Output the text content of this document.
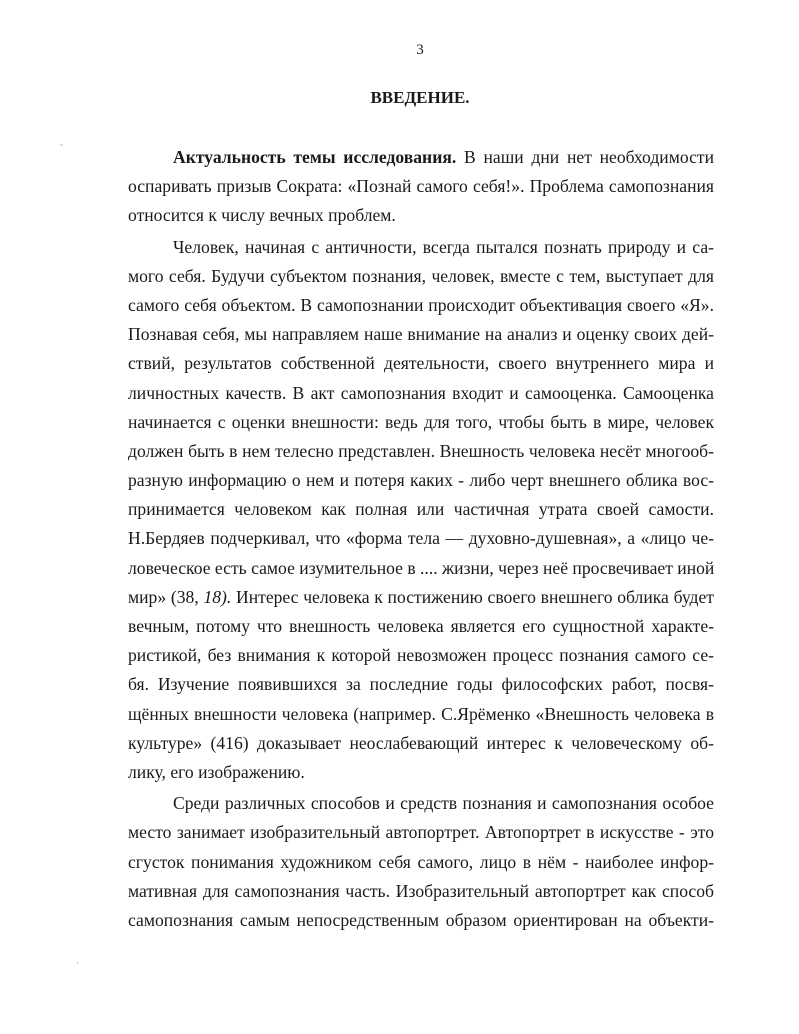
3
ВВЕДЕНИЕ.
˜
·
Актуальность темы исследования. В наши дни нет необходимости
оспаривать призыв Сократа: «Познай самого себя!». Проблема самопознания
относится к числу вечных проблем.
Человек, начиная с античности, всегда пытался познать природу и са-
мого себя. Будучи субъектом познания, человек, вместе с тем, выступает для
самого себя объектом. В самопознании происходит объективация своего «Я».
Познавая себя, мы направляем наше внимание на анализ и оценку своих дей-
ствий, результатов собственной деятельности, своего внутреннего мира и
личностных качеств. В акт самопознания входит и самооценка. Самооценка
начинается с оценки внешности: ведь для того, чтобы быть в мире, человек
должен быть в нем телесно представлен. Внешность человека несёт многооб-
разную информацию о нем и потеря каких - либо черт внешнего облика вос-
принимается человеком как полная или частичная утрата своей самости.
Н.Бердяев подчеркивал, что «форма тела — духовно-душевная», а «лицо че-
ловеческое есть самое изумительное в .... жизни, через неё просвечивает иной
мир» (38, 18). Интерес человека к постижению своего внешнего облика будет
вечным, потому что внешность человека является его сущностной характе-
ристикой, без внимания к которой невозможен процесс познания самого се-
бя. Изучение появившихся за последние годы философских работ, посвя-
щённых внешности человека (например. С.Ярёменко «Внешность человека в
культуре» (416) доказывает неослабевающий интерес к человеческому об-
лику, его изображению.
Среди различных способов и средств познания и самопознания особое
место занимает изобразительный автопортрет. Автопортрет в искусстве - это
сгусток понимания художником себя самого, лицо в нём - наиболее инфор-
мативная для самопознания часть. Изобразительный автопортрет как способ
самопознания самым непосредственным образом ориентирован на объекти-
